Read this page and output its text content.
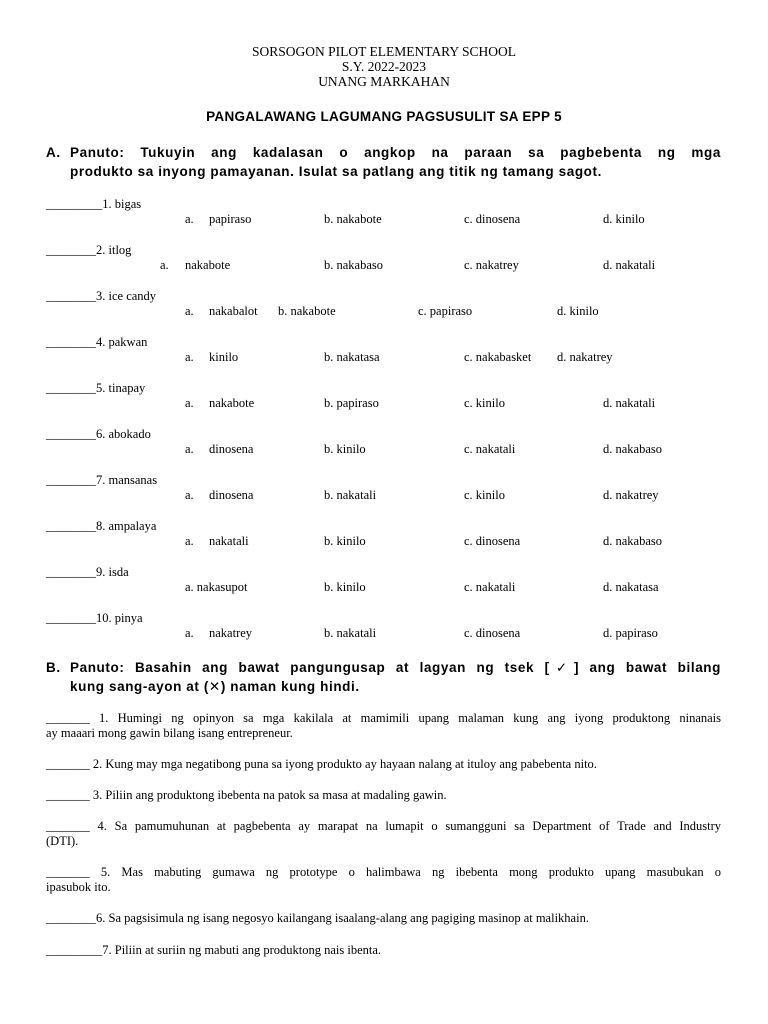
SORSOGON PILOT ELEMENTARY SCHOOL
S.Y. 2022-2023
UNANG MARKAHAN
PANGALAWANG LAGUMANG PAGSUSULIT SA EPP 5
A. Panuto: Tukuyin ang kadalasan o angkop na paraan sa pagbebenta ng mga
produkto sa inyong pamayanan. Isulat sa patlang ang titik ng tamang sagot.
_________1. bigas
a. papiraso	b. nakabote	c. dinosena	d. kinilo
________2. itlog
a. nakabote	b. nakabaso	c. nakatrey	d. nakatali
________3. ice candy
a. nakabalot b. nakabote	c. papiraso	d. kinilo
________4. pakwan
a. kinilo	b. nakatasa	c. nakabasket d. nakatrey
________5. tinapay
a. nakabote	b. papiraso	c. kinilo	d. nakatali
________6. abokado
a. dinosena	b. kinilo	c. nakatali	d. nakabaso
________7. mansanas
a. dinosena	b. nakatali	c. kinilo	d. nakatrey
________8. ampalaya
a. nakatali	b. kinilo	c. dinosena	d. nakabaso
________9. isda
a. nakasupot	b. kinilo	c. nakatali	d. nakatasa
________10. pinya
a. nakatrey	b. nakatali	c. dinosena	d. papiraso
B. Panuto: Basahin ang bawat pangungusap at lagyan ng tsek [✓] ang bawat bilang
kung sang-ayon at (✕) naman kung hindi.
_______ 1. Humingi ng opinyon sa mga kakilala at mamimili upang malaman kung ang iyong produktong ninanais
ay maaari mong gawin bilang isang entrepreneur.
_______ 2. Kung may mga negatibong puna sa iyong produkto ay hayaan nalang at ituloy ang pabebenta nito.
_______ 3. Piliin ang produktong ibebenta na patok sa masa at madaling gawin.
_______ 4. Sa pamumuhunan at pagbebenta ay marapat na lumapit o sumangguni sa Department of Trade and Industry
(DTI).
_______ 5. Mas mabuting gumawa ng prototype o halimbawa ng ibebenta mong produkto upang masubukan o
ipasubok ito.
________6. Sa pagsisimula ng isang negosyo kailangang isaalang-alang ang pagiging masinop at malikhain.
_________7. Piliin at suriin ng mabuti ang produktong nais ibenta.
